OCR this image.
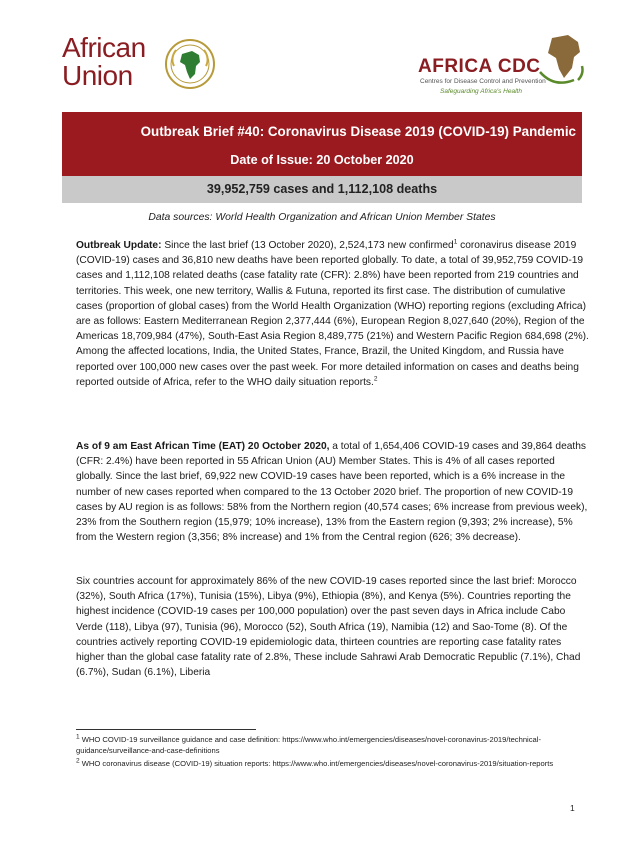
African
Union	AFRICA CDC
Centres for Disease Control and Prevention
Safeguarding Africa's Health
Outbreak Brief #40: Coronavirus Disease 2019 (COVID-19) Pandemic
Date of Issue: 20 October 2020
39,952,759 cases and 1,112,108 deaths
Data sources: World Health Organization and African Union Member States
Outbreak Update: Since the last brief (13 October 2020), 2,524,173 new confirmed$^1$ coronavirus disease 2019 (COVID-19) cases and 36,810 new deaths have been reported globally. To date, a total of 39,952,759 COVID-19 cases and 1,112,108 related deaths (case fatality rate (CFR): 2.8%) have been reported from 219 countries and territories. This week, one new territory, Wallis & Futuna, reported its first case. The distribution of cumulative cases (proportion of global cases) from the World Health Organization (WHO) reporting regions (excluding Africa) are as follows: Eastern Mediterranean Region 2,377,444 (6%), European Region 8,027,640 (20%), Region of the Americas 18,709,984 (47%), South-East Asia Region 8,489,775 (21%) and Western Pacific Region 684,698 (2%). Among the affected locations, India, the United States, France, Brazil, the United Kingdom, and Russia have reported over 100,000 new cases over the past week. For more detailed information on cases and deaths being reported outside of Africa, refer to the WHO daily situation reports.$^2$
As of 9 am East African Time (EAT) 20 October 2020, a total of 1,654,406 COVID-19 cases and 39,864 deaths (CFR: 2.4%) have been reported in 55 African Union (AU) Member States. This is 4% of all cases reported globally. Since the last brief, 69,922 new COVID-19 cases have been reported, which is a 6% increase in the number of new cases reported when compared to the 13 October 2020 brief. The proportion of new COVID-19 cases by AU region is as follows: 58% from the Northern region (40,574 cases; 6% increase from previous week), 23% from the Southern region (15,979; 10% increase), 13% from the Eastern region (9,393; 2% increase), 5% from the Western region (3,356; 8% increase) and 1% from the Central region (626; 3% decrease).
Six countries account for approximately 86% of the new COVID-19 cases reported since the last brief: Morocco (32%), South Africa (17%), Tunisia (15%), Libya (9%), Ethiopia (8%), and Kenya (5%). Countries reporting the highest incidence (COVID-19 cases per 100,000 population) over the past seven days in Africa include Cabo Verde (118), Libya (97), Tunisia (96), Morocco (52), South Africa (19), Namibia (12) and Sao-Tome (8). Of the countries actively reporting COVID-19 epidemiologic data, thirteen countries are reporting case fatality rates higher than the global case fatality rate of 2.8%, These include Sahrawi Arab Democratic Republic (7.1%), Chad (6.7%), Sudan (6.1%), Liberia
$^1$ WHO COVID-19 surveillance guidance and case definition: https://www.who.int/emergencies/diseases/novel-coronavirus-2019/technical-guidance/surveillance-and-case-definitions
$^2$ WHO coronavirus disease (COVID-19) situation reports: https://www.who.int/emergencies/diseases/novel-coronavirus-2019/situation-reports
1
